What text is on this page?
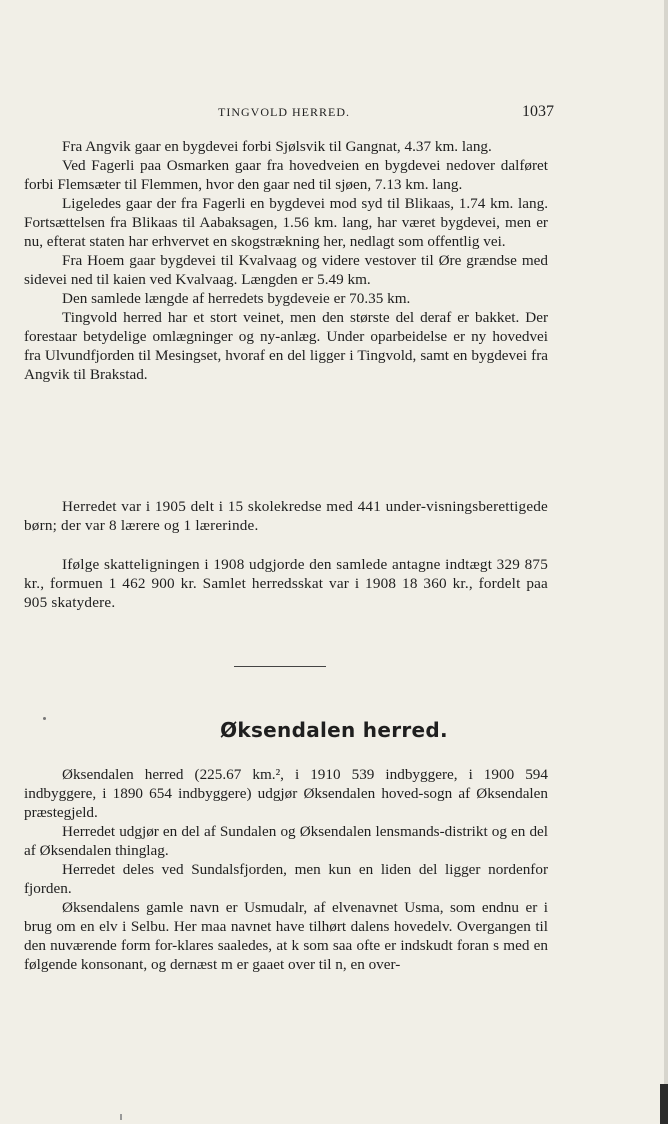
TINGVOLD HERRED.	1037

Fra Angvik gaar en bygdevei forbi Sjølsvik til Gangnat, 4.37 km. lang.

Ved Fagerli paa Osmarken gaar fra hovedveien en bygdevei nedover dalføret forbi Flemsæter til Flemmen, hvor den gaar ned til sjøen, 7.13 km. lang.

Ligeledes gaar der fra Fagerli en bygdevei mod syd til Blikaas, 1.74 km. lang. Fortsættelsen fra Blikaas til Aabaksagen, 1.56 km. lang, har været bygdevei, men er nu, efterat staten har erhvervet en skogstrækning her, nedlagt som offentlig vei.

Fra Hoem gaar bygdevei til Kvalvaag og videre vestover til Øre grændse med sidevei ned til kaien ved Kvalvaag. Længden er 5.49 km.

Den samlede længde af herredets bygdeveie er 70.35 km.

Tingvold herred har et stort veinet, men den største del deraf er bakket. Der forestaar betydelige omlægninger og ny-anlæg. Under oparbeidelse er ny hovedvei fra Ulvundfjorden til Mesingset, hvoraf en del ligger i Tingvold, samt en bygdevei fra Angvik til Brakstad.

Herredet var i 1905 delt i 15 skolekredse med 441 under-visningsberettigede børn; der var 8 lærere og 1 lærerinde.

Ifølge skatteligningen i 1908 udgjorde den samlede antagne indtægt 329 875 kr., formuen 1 462 900 kr. Samlet herredsskat var i 1908 18 360 kr., fordelt paa 905 skatydere.

Øksendalen herred.

Øksendalen herred (225.67 km.², i 1910 539 indbyggere, i 1900 594 indbyggere, i 1890 654 indbyggere) udgjør Øksendalen hoved-sogn af Øksendalen præstegjeld.

Herredet udgjør en del af Sundalen og Øksendalen lensmands-distrikt og en del af Øksendalen thinglag.

Herredet deles ved Sundalsfjorden, men kun en liden del ligger nordenfor fjorden.

Øksendalens gamle navn er Usmudalr, af elvenavnet Usma, som endnu er i brug om en elv i Selbu. Her maa navnet have tilhørt dalens hovedelv. Overgangen til den nuværende form for-klares saaledes, at k som saa ofte er indskudt foran s med en følgende konsonant, og dernæst m er gaaet over til n, en over-
